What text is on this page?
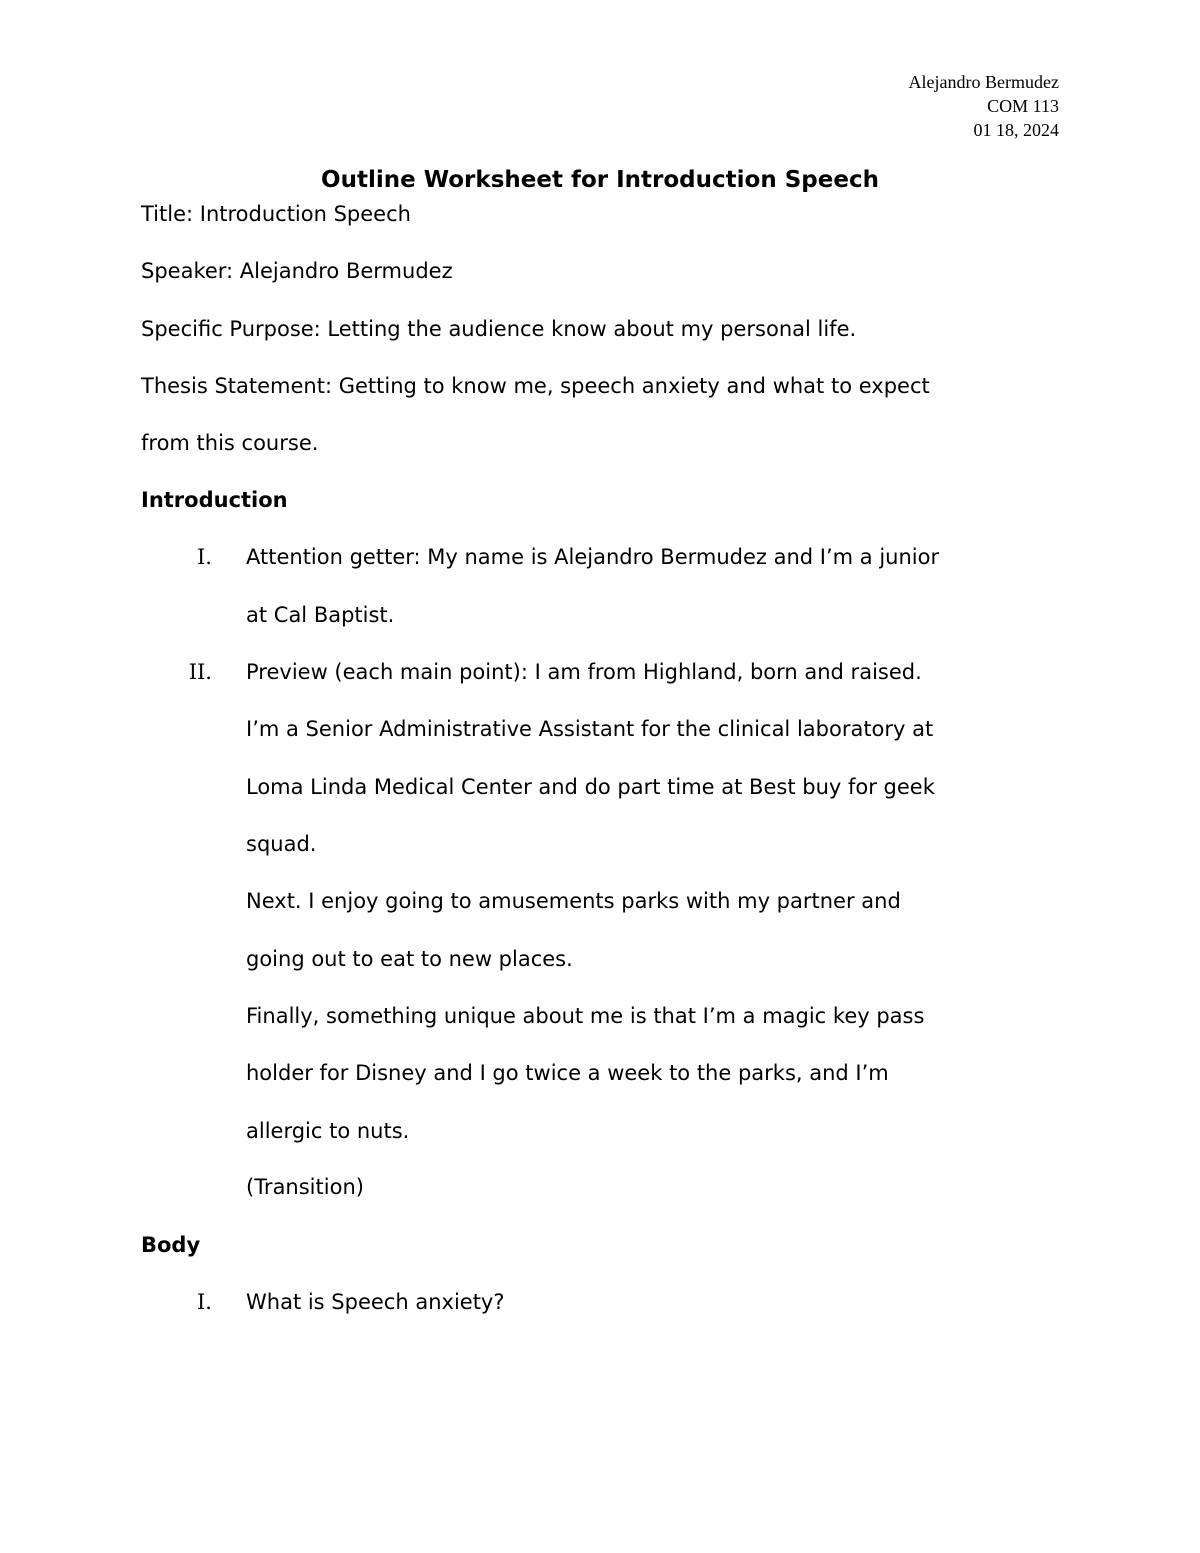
Alejandro Bermudez
COM 113
01 18, 2024
Outline Worksheet for Introduction Speech
Title: Introduction Speech
Speaker: Alejandro Bermudez
Specific Purpose: Letting the audience know about my personal life.
Thesis Statement: Getting to know me, speech anxiety and what to expect
from this course.
Introduction
I. Attention getter: My name is Alejandro Bermudez and I’m a junior
at Cal Baptist.
II. Preview (each main point): I am from Highland, born and raised.
I’m a Senior Administrative Assistant for the clinical laboratory at
Loma Linda Medical Center and do part time at Best buy for geek
squad.
Next. I enjoy going to amusements parks with my partner and
going out to eat to new places.
Finally, something unique about me is that I’m a magic key pass
holder for Disney and I go twice a week to the parks, and I’m
allergic to nuts.
(Transition)
Body
I. What is Speech anxiety?
